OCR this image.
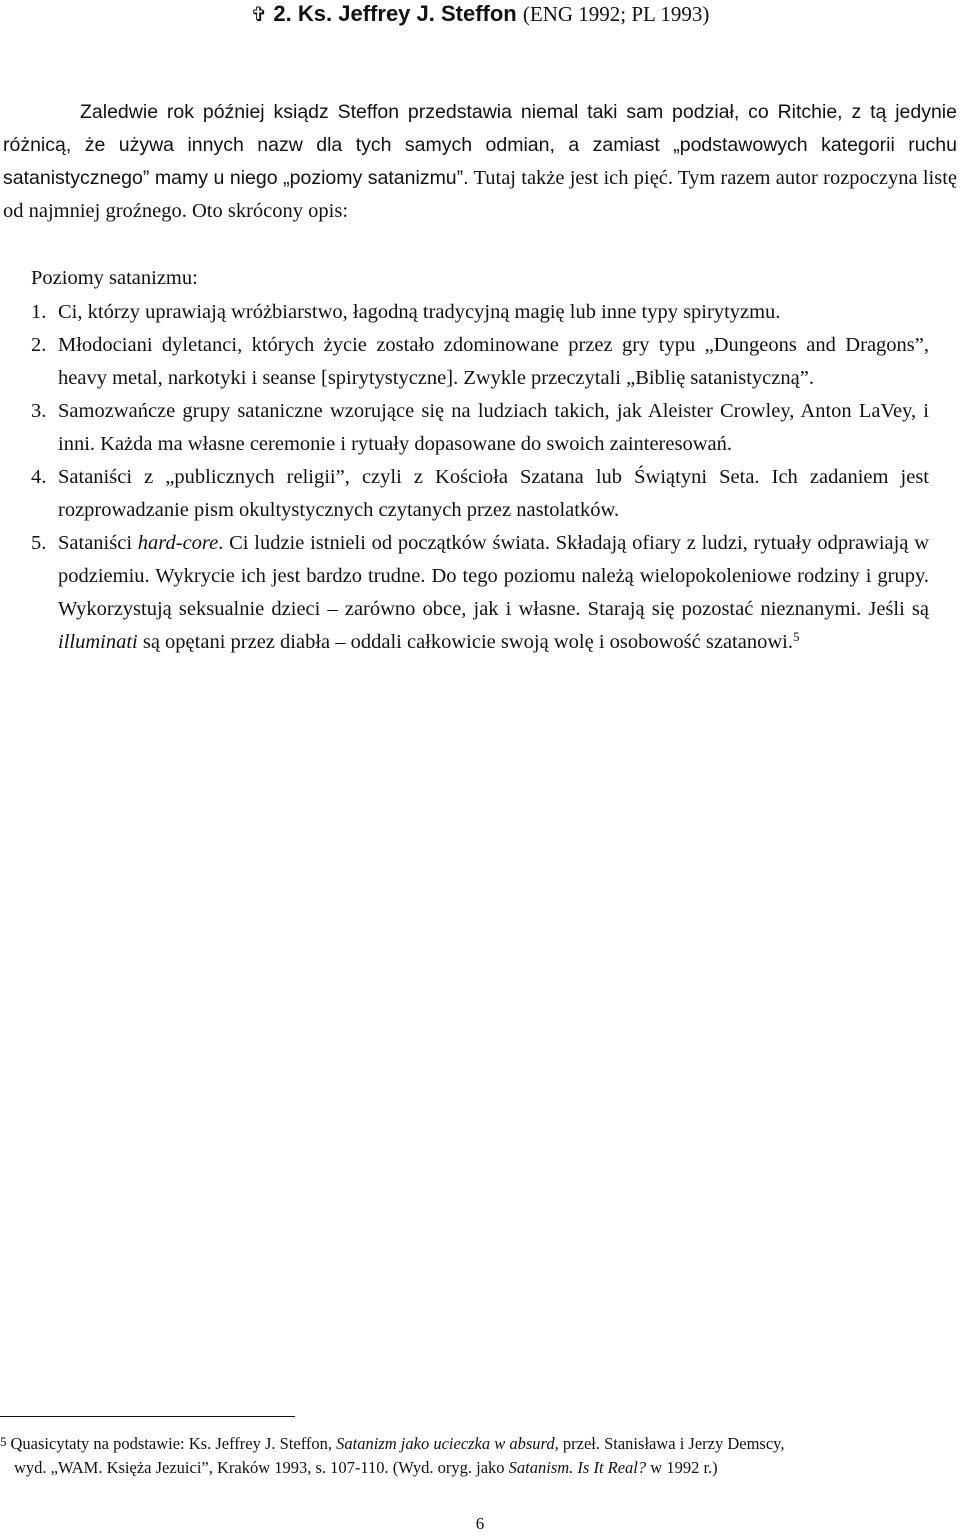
✞ 2. Ks. Jeffrey J. Steffon (ENG 1992; PL 1993)
Zaledwie rok później ksiądz Steffon przedstawia niemal taki sam podział, co Ritchie, z tą jedynie różnicą, że używa innych nazw dla tych samych odmian, a zamiast „podstawowych kategorii ruchu satanistycznego” mamy u niego „poziomy satanizmu”. Tutaj także jest ich pięć. Tym razem autor rozpoczyna listę od najmniej groźnego. Oto skrócony opis:
Poziomy satanizmu:
1. Ci, którzy uprawiają wróżbiarstwo, łagodną tradycyjną magię lub inne typy spirytyzmu.
2. Młodociani dyletanci, których życie zostało zdominowane przez gry typu „Dungeons and Dragons”, heavy metal, narkotyki i seanse [spirytystyczne]. Zwykle przeczytali „Biblię satanistyczną”.
3. Samozwańcze grupy sataniczne wzorujące się na ludziach takich, jak Aleister Crowley, Anton LaVey, i inni. Każda ma własne ceremonie i rytuały dopasowane do swoich zainteresowań.
4. Sataniści z „publicznych religii”, czyli z Kościoła Szatana lub Świątyni Seta. Ich zadaniem jest rozprowadzanie pism okultystycznych czytanych przez nastolatków.
5. Sataniści hard-core. Ci ludzie istnieli od początków świata. Składają ofiary z ludzi, rytuały odprawiają w podziemiu. Wykrycie ich jest bardzo trudne. Do tego poziomu należą wielopokoleniowe rodziny i grupy. Wykorzystują seksualnie dzieci – zarówno obce, jak i własne. Starają się pozostać nieznanymi. Jeśli są illuminati są opętani przez diabła – oddali całkowicie swoją wolę i osobowość szatanowi.$^5$
5 Quasicytaty na podstawie: Ks. Jeffrey J. Steffon, Satanizm jako ucieczka w absurd, przeł. Stanisława i Jerzy Demscy,
wyd. „WAM. Księża Jezuici”, Kraków 1993, s. 107-110. (Wyd. oryg. jako Satanism. Is It Real? w 1992 r.)
6
